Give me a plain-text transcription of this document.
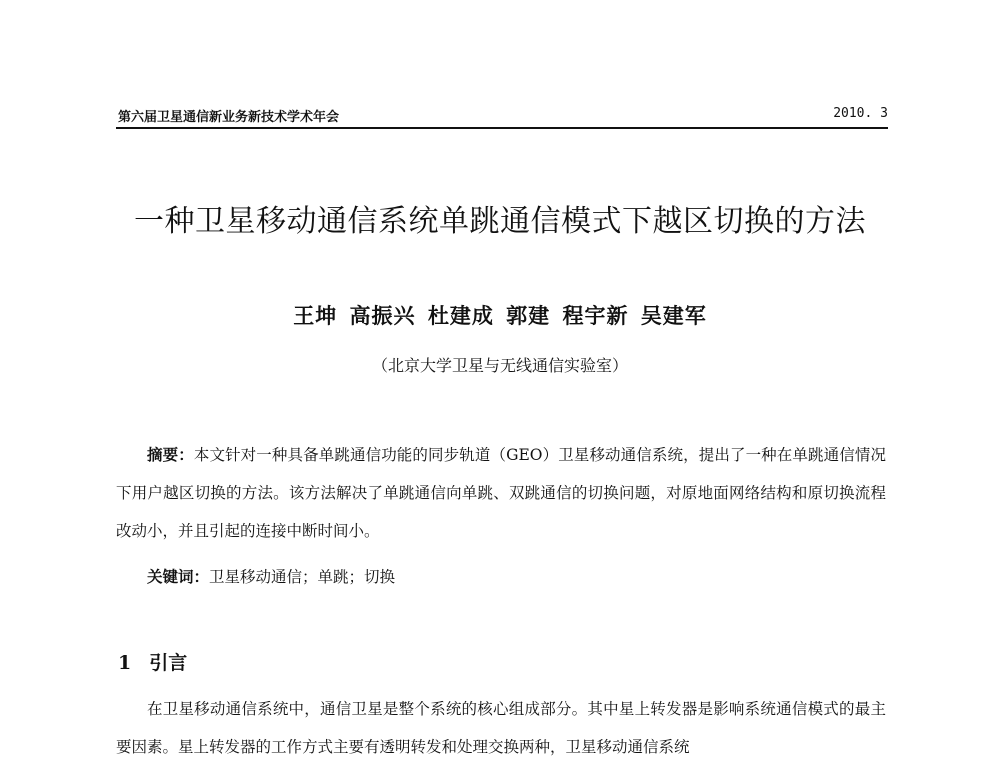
第六届卫星通信新业务新技术学术年会	2010. 3
一种卫星移动通信系统单跳通信模式下越区切换的方法
王坤 高振兴 杜建成 郭建 程宇新 吴建军
（北京大学卫星与无线通信实验室）
摘要：本文针对一种具备单跳通信功能的同步轨道（GEO）卫星移动通信系统，提出了一种在单跳通信情况下用户越区切换的方法。该方法解决了单跳通信向单跳、双跳通信的切换问题，对原地面网络结构和原切换流程改动小，并且引起的连接中断时间小。
关键词：卫星移动通信；单跳；切换
1 引言
在卫星移动通信系统中，通信卫星是整个系统的核心组成部分。其中星上转发器是影响系统通信模式的最主要因素。星上转发器的工作方式主要有透明转发和处理交换两种，卫星移动通信系统
